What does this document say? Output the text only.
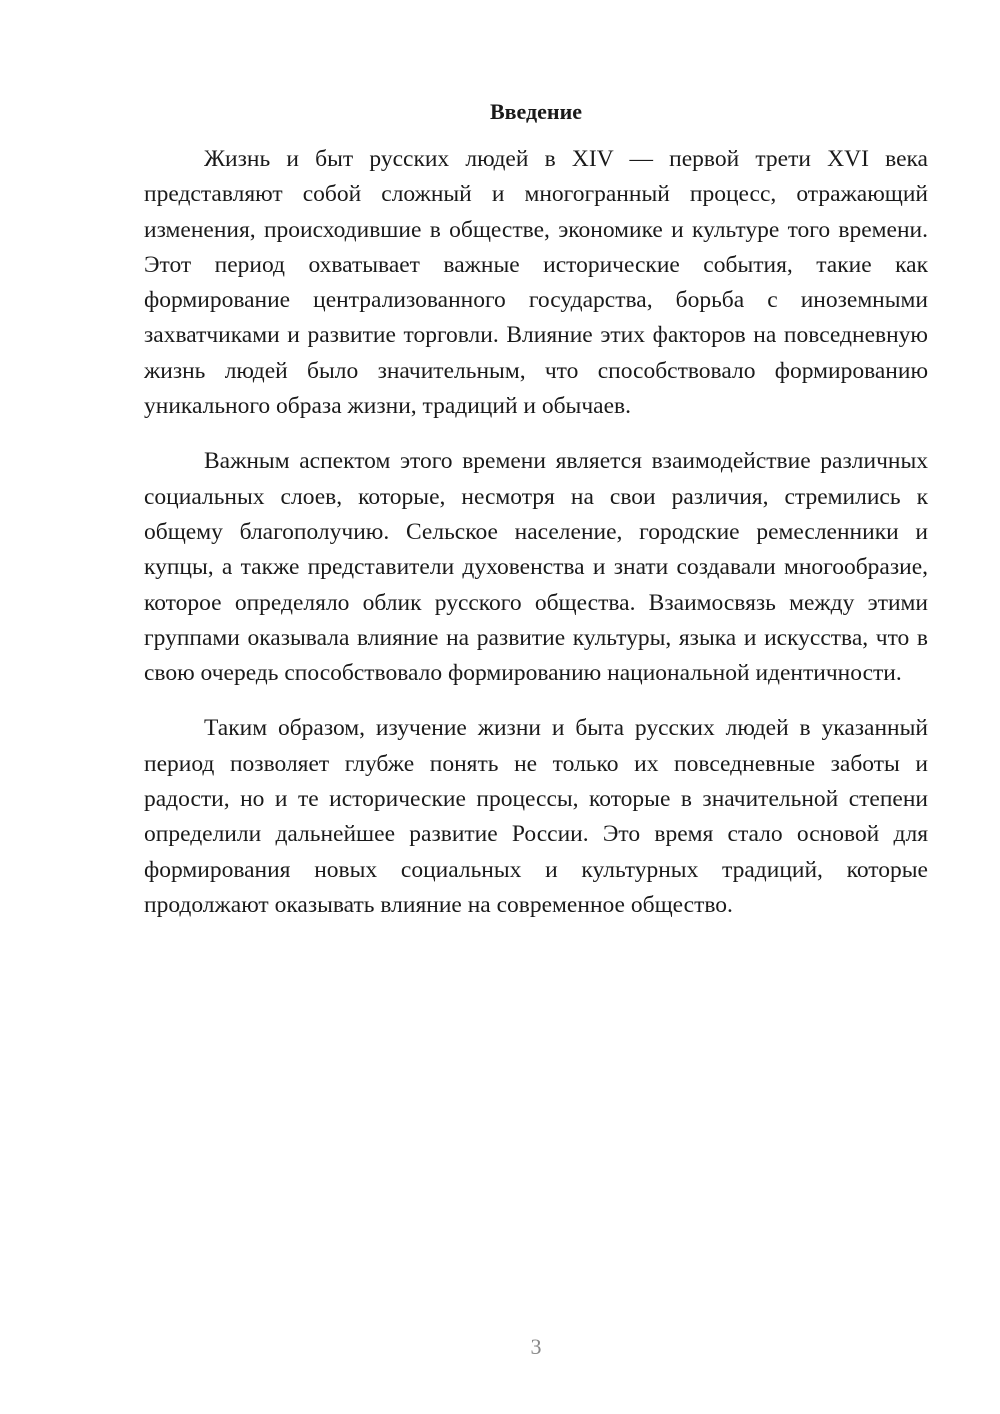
Введение

Жизнь и быт русских людей в XIV — первой трети XVI века представляют собой сложный и многогранный процесс, отражающий изменения, происходившие в обществе, экономике и культуре того времени. Этот период охватывает важные исторические события, такие как формирование централизованного государства, борьба с иноземными захватчиками и развитие торговли. Влияние этих факторов на повседневную жизнь людей было значительным, что способствовало формированию уникального образа жизни, традиций и обычаев.

Важным аспектом этого времени является взаимодействие различных социальных слоев, которые, несмотря на свои различия, стремились к общему благополучию. Сельское население, городские ремесленники и купцы, а также представители духовенства и знати создавали многообразие, которое определяло облик русского общества. Взаимосвязь между этими группами оказывала влияние на развитие культуры, языка и искусства, что в свою очередь способствовало формированию национальной идентичности.

Таким образом, изучение жизни и быта русских людей в указанный период позволяет глубже понять не только их повседневные заботы и радости, но и те исторические процессы, которые в значительной степени определили дальнейшее развитие России. Это время стало основой для формирования новых социальных и культурных традиций, которые продолжают оказывать влияние на современное общество.

3
